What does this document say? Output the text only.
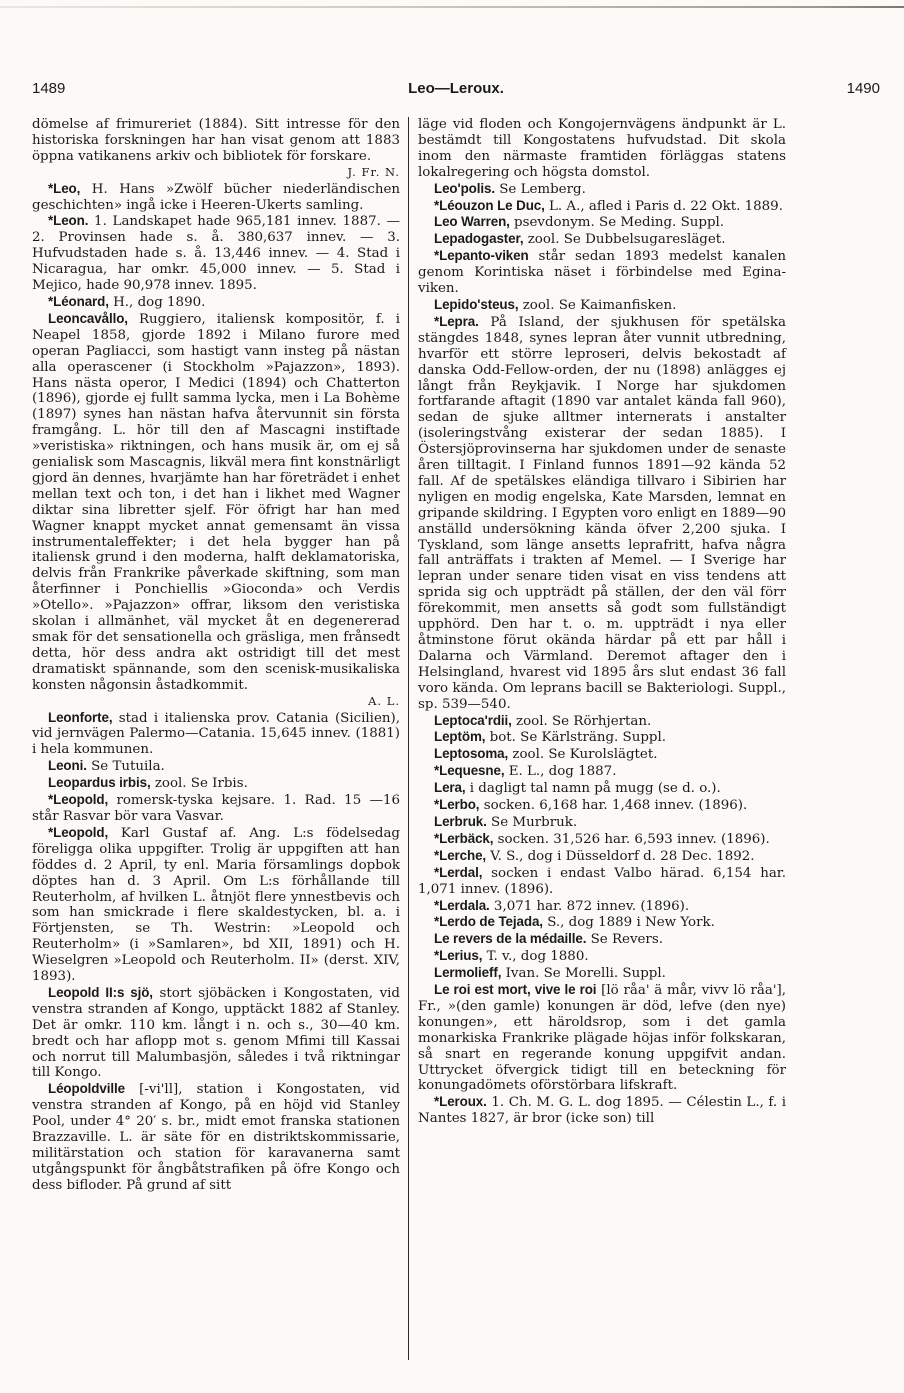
1489	Leo—Leroux.	1490

dömelse af frimureriet (1884). Sitt intresse för den historiska forskningen har han visat genom att 1883 öppna vatikanens arkiv och bibliotek för forskare.

J. Fr. N.

*Leo, H. Hans »Zwölf bücher niederländischen geschichten» ingå icke i Heeren-Ukerts samling.

*Leon. 1. Landskapet hade 965,181 innev. 1887. — 2. Provinsen hade s. å. 380,637 innev. — 3. Hufvudstaden hade s. å. 13,446 innev. — 4. Stad i Nicaragua, har omkr. 45,000 innev. — 5. Stad i Mejico, hade 90,978 innev. 1895.

*Léonard, H., dog 1890.

Leoncavållo, Ruggiero, italiensk kompositör, f. i Neapel 1858, gjorde 1892 i Milano furore med operan Pagliacci, som hastigt vann insteg på nästan alla operascener (i Stockholm »Pajazzon», 1893). Hans nästa operor, I Medici (1894) och Chatterton (1896), gjorde ej fullt samma lycka, men i La Bohème (1897) synes han nästan hafva återvunnit sin första framgång. L. hör till den af Mascagni instiftade »veristiska» riktningen, och hans musik är, om ej så genialisk som Mascagnis, likväl mera fint konstnärligt gjord än dennes, hvarjämte han har företrädet i enhet mellan text och ton, i det han i likhet med Wagner diktar sina libretter sjelf. För öfrigt har han med Wagner knappt mycket annat gemensamt än vissa instrumentaleffekter; i det hela bygger han på italiensk grund i den moderna, halft deklamatoriska, delvis från Frankrike påverkade skiftning, som man återfinner i Ponchiellis »Gioconda» och Verdis »Otello». »Pajazzon» offrar, liksom den veristiska skolan i allmänhet, väl mycket åt en degenererad smak för det sensationella och gräsliga, men frånsedt detta, hör dess andra akt ostridigt till det mest dramatiskt spännande, som den scenisk-musikaliska konsten någonsin åstadkommit.

A. L.

Leonforte, stad i italienska prov. Catania (Sicilien), vid jernvägen Palermo—Catania. 15,645 innev. (1881) i hela kommunen.

Leoni. Se Tutuila.

Leopardus irbis, zool. Se Irbis.

*Leopold, romersk-tyska kejsare. 1. Rad. 15 —16 står Rasvar bör vara Vasvar.

*Leopold, Karl Gustaf af. Ang. L:s födelsedag föreligga olika uppgifter. Trolig är uppgiften att han föddes d. 2 April, ty enl. Maria församlings dopbok döptes han d. 3 April. Om L:s förhållande till Reuterholm, af hvilken L. åtnjöt flere ynnestbevis och som han smickrade i flere skaldestycken, bl. a. i Förtjensten, se Th. Westrin: »Leopold och Reuterholm» (i »Samlaren», bd XII, 1891) och H. Wieselgren »Leopold och Reuterholm. II» (derst. XIV, 1893).

Leopold II:s sjö, stort sjöbäcken i Kongostaten, vid venstra stranden af Kongo, upptäckt 1882 af Stanley. Det är omkr. 110 km. långt i n. och s., 30—40 km. bredt och har aflopp mot s. genom Mfimi till Kassai och norrut till Malumbasjön, således i två riktningar till Kongo.

Léopoldville [-vi'll], station i Kongostaten, vid venstra stranden af Kongo, på en höjd vid Stanley Pool, under 4° 20′ s. br., midt emot franska stationen Brazzaville. L. är säte för en distriktskommissarie, militärstation och station för karavanerna samt utgångspunkt för ångbåtstrafiken på öfre Kongo och dess bifloder. På grund af sitt

läge vid floden och Kongojernvägens ändpunkt är L. bestämdt till Kongostatens hufvudstad. Dit skola inom den närmaste framtiden förläggas statens lokalregering och högsta domstol.

Leo'polis. Se Lemberg.

*Léouzon Le Duc, L. A., afled i Paris d. 22 Okt. 1889.

Leo Warren, psevdonym. Se Meding. Suppl.

Lepadogaster, zool. Se Dubbelsugaresläget.

*Lepanto-viken står sedan 1893 medelst kanalen genom Korintiska näset i förbindelse med Egina-viken.

Lepido'steus, zool. Se Kaimanfisken.

*Lepra. På Island, der sjukhusen för spetälska stängdes 1848, synes lepran åter vunnit utbredning, hvarför ett större leproseri, delvis bekostadt af danska Odd-Fellow-orden, der nu (1898) anlägges ej långt från Reykjavik. I Norge har sjukdomen fortfarande aftagit (1890 var antalet kända fall 960), sedan de sjuke alltmer internerats i anstalter (isoleringstvång existerar der sedan 1885). I Östersjöprovinserna har sjukdomen under de senaste åren tilltagit. I Finland funnos 1891—92 kända 52 fall. Af de spetälskes eländiga tillvaro i Sibirien har nyligen en modig engelska, Kate Marsden, lemnat en gripande skildring. I Egypten voro enligt en 1889—90 anställd undersökning kända öfver 2,200 sjuka. I Tyskland, som länge ansetts leprafritt, hafva några fall anträffats i trakten af Memel. — I Sverige har lepran under senare tiden visat en viss tendens att sprida sig och uppträdt på ställen, der den väl förr förekommit, men ansetts så godt som fullständigt upphörd. Den har t. o. m. uppträdt i nya eller åtminstone förut okända härdar på ett par håll i Dalarna och Värmland. Deremot aftager den i Helsingland, hvarest vid 1895 års slut endast 36 fall voro kända. Om leprans bacill se Bakteriologi. Suppl., sp. 539—540.

Leptoca'rdii, zool. Se Rörhjertan.

Leptöm, bot. Se Kärlsträng. Suppl.

Leptosoma, zool. Se Kurolslägtet.

*Lequesne, E. L., dog 1887.

Lera, i dagligt tal namn på mugg (se d. o.).

*Lerbo, socken. 6,168 har. 1,468 innev. (1896).

Lerbruk. Se Murbruk.

*Lerbäck, socken. 31,526 har. 6,593 innev. (1896).

*Lerche, V. S., dog i Düsseldorf d. 28 Dec. 1892.

*Lerdal, socken i endast Valbo härad. 6,154 har. 1,071 innev. (1896).

*Lerdala. 3,071 har. 872 innev. (1896).

*Lerdo de Tejada, S., dog 1889 i New York.

Le revers de la médaille. Se Revers.

*Lerius, T. v., dog 1880.

Lermolieff, Ivan. Se Morelli. Suppl.

Le roi est mort, vive le roi [lö råa' ä mår, vivv lö råa'], Fr., »(den gamle) konungen är död, lefve (den nye) konungen», ett häroldsrop, som i det gamla monarkiska Frankrike plägade höjas inför folkskaran, så snart en regerande konung uppgifvit andan. Uttrycket öfvergick tidigt till en beteckning för konungadömets oförstörbara lifskraft.

*Leroux. 1. Ch. M. G. L. dog 1895. — Célestin L., f. i Nantes 1827, är bror (icke son) till
